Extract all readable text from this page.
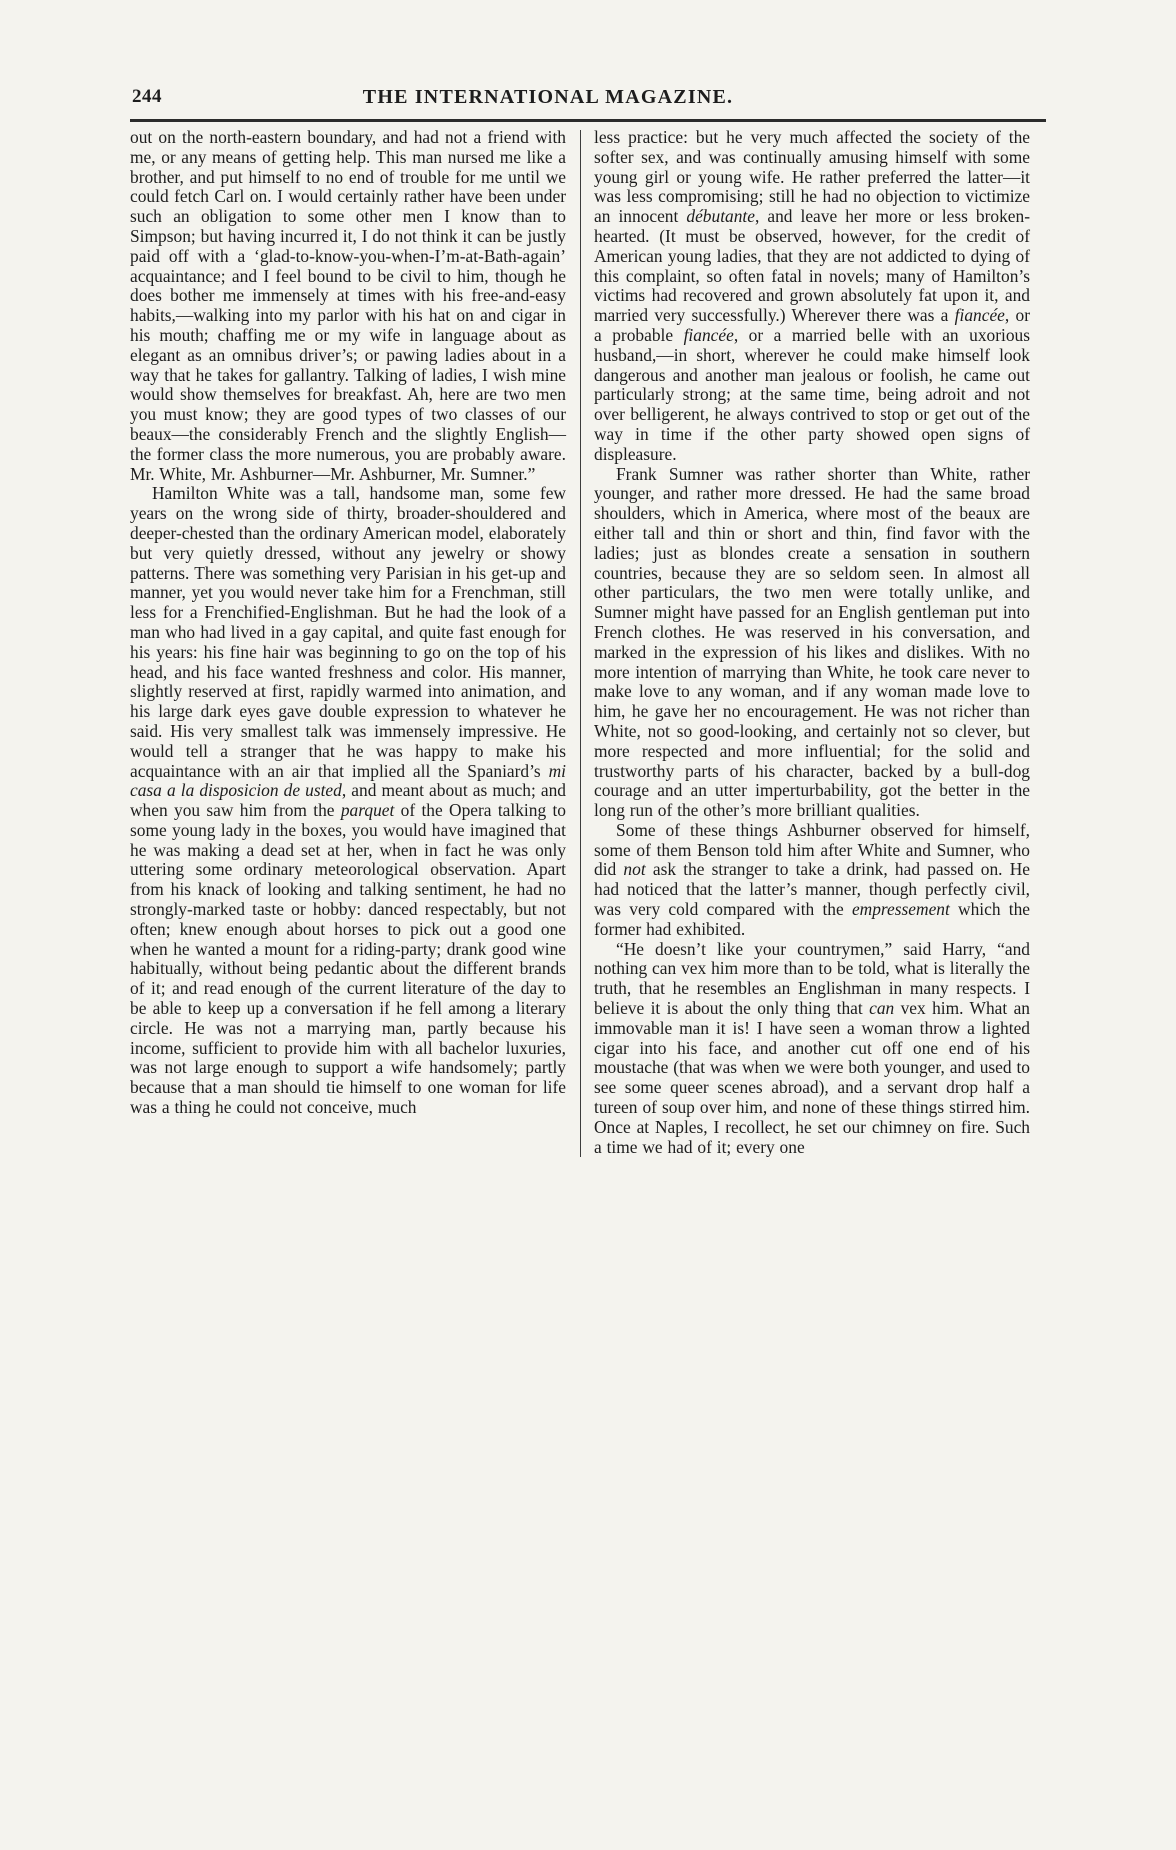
244	THE INTERNATIONAL MAGAZINE.

out on the north-eastern boundary, and had not a friend with me, or any means of getting help. This man nursed me like a brother, and put himself to no end of trouble for me until we could fetch Carl on. I would certainly rather have been under such an obligation to some other men I know than to Simpson; but having incurred it, I do not think it can be justly paid off with a ‘glad-to-know-you-when-I’m-at-Bath-again’ acquaintance; and I feel bound to be civil to him, though he does bother me immensely at times with his free-and-easy habits,—walking into my parlor with his hat on and cigar in his mouth; chaffing me or my wife in language about as elegant as an omnibus driver’s; or pawing ladies about in a way that he takes for gallantry. Talking of ladies, I wish mine would show themselves for breakfast. Ah, here are two men you must know; they are good types of two classes of our beaux—the considerably French and the slightly English—the former class the more numerous, you are probably aware. Mr. White, Mr. Ashburner—Mr. Ashburner, Mr. Sumner.”

Hamilton White was a tall, handsome man, some few years on the wrong side of thirty, broader-shouldered and deeper-chested than the ordinary American model, elaborately but very quietly dressed, without any jewelry or showy patterns. There was something very Parisian in his get-up and manner, yet you would never take him for a Frenchman, still less for a Frenchified-Englishman. But he had the look of a man who had lived in a gay capital, and quite fast enough for his years: his fine hair was beginning to go on the top of his head, and his face wanted freshness and color. His manner, slightly reserved at first, rapidly warmed into animation, and his large dark eyes gave double expression to whatever he said. His very smallest talk was immensely impressive. He would tell a stranger that he was happy to make his acquaintance with an air that implied all the Spaniard’s mi casa a la disposicion de usted, and meant about as much; and when you saw him from the parquet of the Opera talking to some young lady in the boxes, you would have imagined that he was making a dead set at her, when in fact he was only uttering some ordinary meteorological observation. Apart from his knack of looking and talking sentiment, he had no strongly-marked taste or hobby: danced respectably, but not often; knew enough about horses to pick out a good one when he wanted a mount for a riding-party; drank good wine habitually, without being pedantic about the different brands of it; and read enough of the current literature of the day to be able to keep up a conversation if he fell among a literary circle. He was not a marrying man, partly because his income, sufficient to provide him with all bachelor luxuries, was not large enough to support a wife handsomely; partly because that a man should tie himself to one woman for life was a thing he could not conceive, much

less practice: but he very much affected the society of the softer sex, and was continually amusing himself with some young girl or young wife. He rather preferred the latter—it was less compromising; still he had no objection to victimize an innocent débutante, and leave her more or less broken-hearted. (It must be observed, however, for the credit of American young ladies, that they are not addicted to dying of this complaint, so often fatal in novels; many of Hamilton’s victims had recovered and grown absolutely fat upon it, and married very successfully.) Wherever there was a fiancée, or a probable fiancée, or a married belle with an uxorious husband,—in short, wherever he could make himself look dangerous and another man jealous or foolish, he came out particularly strong; at the same time, being adroit and not over belligerent, he always contrived to stop or get out of the way in time if the other party showed open signs of displeasure.

Frank Sumner was rather shorter than White, rather younger, and rather more dressed. He had the same broad shoulders, which in America, where most of the beaux are either tall and thin or short and thin, find favor with the ladies; just as blondes create a sensation in southern countries, because they are so seldom seen. In almost all other particulars, the two men were totally unlike, and Sumner might have passed for an English gentleman put into French clothes. He was reserved in his conversation, and marked in the expression of his likes and dislikes. With no more intention of marrying than White, he took care never to make love to any woman, and if any woman made love to him, he gave her no encouragement. He was not richer than White, not so good-looking, and certainly not so clever, but more respected and more influential; for the solid and trustworthy parts of his character, backed by a bull-dog courage and an utter imperturbability, got the better in the long run of the other’s more brilliant qualities.

Some of these things Ashburner observed for himself, some of them Benson told him after White and Sumner, who did not ask the stranger to take a drink, had passed on. He had noticed that the latter’s manner, though perfectly civil, was very cold compared with the empressement which the former had exhibited.

“He doesn’t like your countrymen,” said Harry, “and nothing can vex him more than to be told, what is literally the truth, that he resembles an Englishman in many respects. I believe it is about the only thing that can vex him. What an immovable man it is! I have seen a woman throw a lighted cigar into his face, and another cut off one end of his moustache (that was when we were both younger, and used to see some queer scenes abroad), and a servant drop half a tureen of soup over him, and none of these things stirred him. Once at Naples, I recollect, he set our chimney on fire. Such a time we had of it; every one
